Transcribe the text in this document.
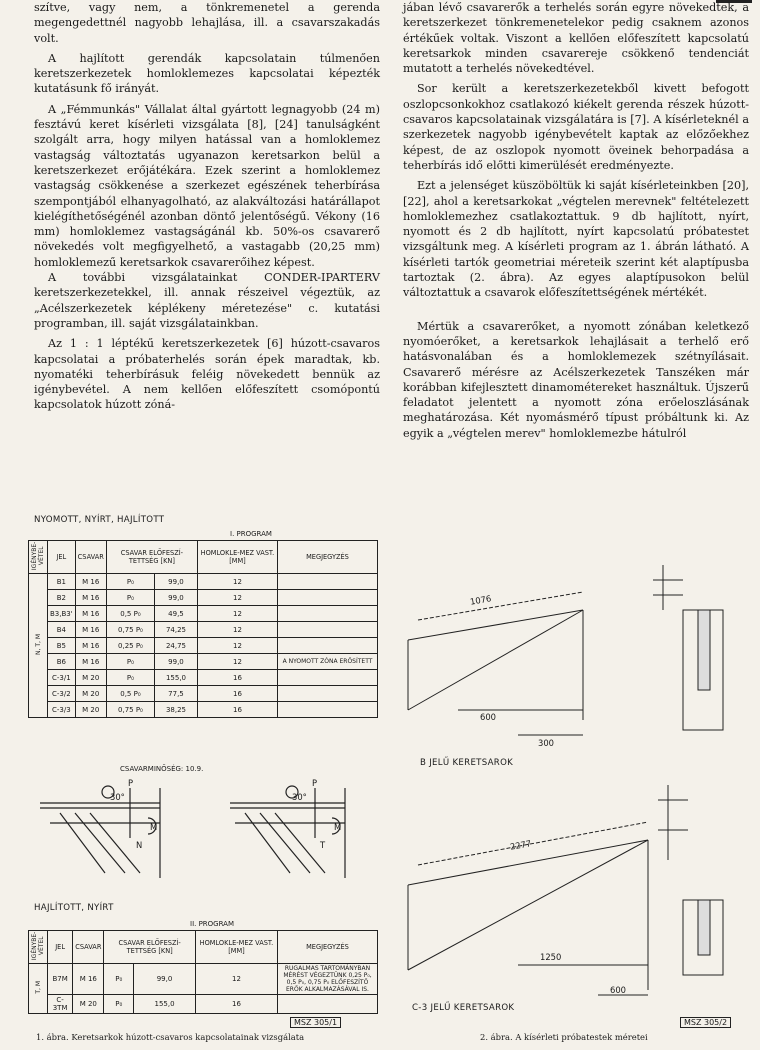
szítve, vagy nem, a tönkremenetel a gerenda megengedettnél nagyobb lehajlása, ill. a csavarszakadás volt.

A hajlított gerendák kapcsolatain túlmenően keretszerkezetek homloklemezes kapcsolatai képezték kutatásunk fő irányát.

A „Fémmunkás" Vállalat által gyártott legnagyobb (24 m) fesztávú keret kísérleti vizsgálata [8], [24] tanulságként szolgált arra, hogy milyen hatással van a homloklemez vastagság változtatás ugyanazon keretsarkon belül a keretszerkezet erőjátékára. Ezek szerint a homloklemez vastagság csökkenése a szerkezet egészének teherbírása szempontjából elhanyagolható, az alakváltozási határállapot kielégíthetőségénél azonban döntő jelentőségű. Vékony (16 mm) homloklemez vastagságánál kb. 50%-os csavarerő növekedés volt megfigyelhető, a vastagabb (20,25 mm) homloklemezű keretsarkok csavarerőihez képest.

A további vizsgálatainkat CONDER-IPARTERV keretszerkezetekkel, ill. annak részeivel végeztük, az „Acélszerkezetek képlékeny méretezése" c. kutatási programban, ill. saját vizsgálatainkban.

Az 1 : 1 léptékű keretszerkezetek [6] húzott-csavaros kapcsolatai a próbaterhelés során épek maradtak, kb. nyomatéki teherbírásuk feléig növekedett bennük az igénybevétel. A nem kellően előfeszített csomópontú kapcsolatok húzott zóná-

jában lévő csavarerők a terhelés során egyre növekedtek, a keretszerkezet tönkremenetelekor pedig csaknem azonos értékűek voltak. Viszont a kellően előfeszített kapcsolatú keretsarkok minden csavarereje csökkenő tendenciát mutatott a terhelés növekedtével.

Sor került a keretszerkezetekből kivett befogott oszlopcsonkokhoz csatlakozó kiékelt gerenda részek húzott-csavaros kapcsolatainak vizsgálatára is [7]. A kísérleteknél a szerkezetek nagyobb igénybevételt kaptak az előzőekhez képest, de az oszlopok nyomott öveinek behorpadása a teherbírás idő előtti kimerülését eredményezte.

Ezt a jelenséget küszöböltük ki saját kísérleteinkben [20], [22], ahol a keretsarkokat „végtelen merevnek" feltételezett homloklemezhez csatlakoztattuk. 9 db hajlított, nyírt, nyomott és 2 db hajlított, nyírt kapcsolatú próbatestet vizsgáltunk meg. A kísérleti program az 1. ábrán látható. A kísérleti tartók geometriai méreteik szerint két alaptípusba tartoztak (2. ábra). Az egyes alaptípusokon belül változtattuk a csavarok előfeszítettségének mértékét.

Mértük a csavarerőket, a nyomott zónában keletkező nyomóerőket, a keretsarkok lehajlásait a terhelő erő hatásvonalában és a homloklemezek szétnyílásait. Csavarerő mérésre az Acélszerkezetek Tanszéken már korábban kifejlesztett dinamométereket használtuk. Újszerű feladatot jelentett a nyomott zóna erőeloszlásának meghatározása. Két nyomásmérő típust próbáltunk ki. Az egyik a „végtelen merev" homloklemezbe hátulról

NYOMOTT, NYÍRT, HAJLÍTOTT
I. PROGRAM
IGÉNYBE-VÉTEL	JEL	CSAVAR	CSAVAR ELŐFESZÍ-TETTSÉG [KN]		HOMLOKLE-MEZ VAST. [MM]	MEGJEGYZÉS
N, T, M	B1	M 16	P₀	99,0	12	
	B2	M 16	P₀	99,0	12	
	B3,B3'	M 16	0,5 P₀	49,5	12	
	B4	M 16	0,75 P₀	74,25	12	
	B5	M 16	0,25 P₀	24,75	12	
	B6	M 16	P₀	99,0	12	A NYOMOTT ZÓNA ERŐSÍTETT
	C-3/1	M 20	P₀	155,0	16	
	C-3/2	M 20	0,5 P₀	77,5	16	
	C-3/3	M 20	0,75 P₀	38,25	16	
CSAVARMINŐSÉG: 10.9.
P
M
N
P
M
T
30°	30°
HAJLÍTOTT, NYÍRT
II. PROGRAM
IGÉNYBE-VÉTEL	JEL	CSAVAR	CSAVAR ELŐFESZÍ-TETTSÉG [KN]		HOMLOKLE-MEZ VAST. [MM]	MEGJEGYZÉS
T, M	B7M	M 16	P₀	99,0	12	RUGALMAS TARTOMÁNYBAN MÉRÉST VÉGEZTÜNK 0,25 P₀, 0,5 P₀, 0,75 P₀ ELŐFESZÍTŐ ERŐK ALKALMAZÁSÁVAL IS.
	C-3TM	M 20	P₀	155,0	16	
MSZ 305/1
1. ábra. Keretsarkok húzott-csavaros kapcsolatainak vizsgálata
1076
600
300
B JELŰ KERETSAROK
2277
1250
600
C-3 JELŰ KERETSAROK
MSZ 305/2
2. ábra. A kísérleti próbatestek méretei
